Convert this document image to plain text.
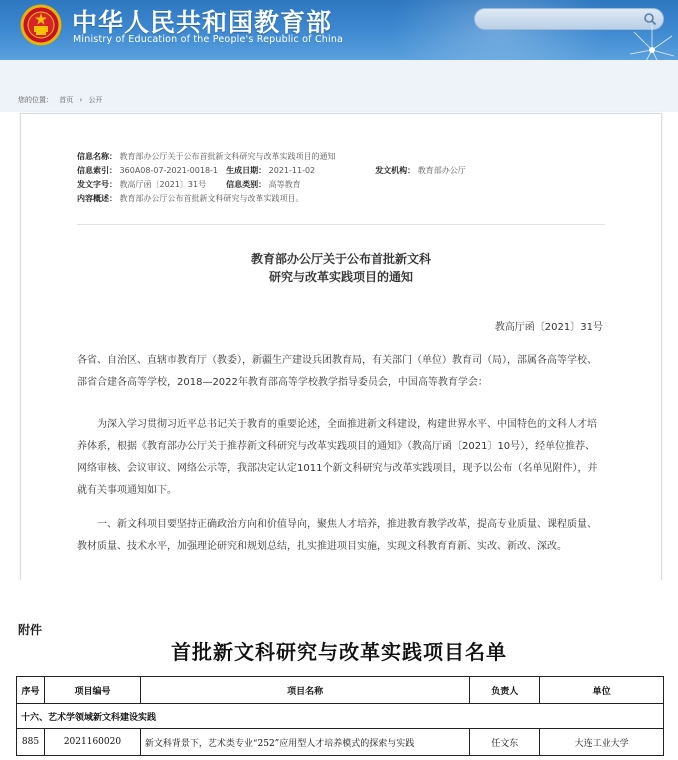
中华人民共和国教育部
Ministry of Education of the People's Republic of China
您的位置： 首页 › 公开
信息名称： 教育部办公厅关于公布首批新文科研究与改革实践项目的通知
信息索引： 360A08-07-2021-0018-1 生成日期： 2021-11-02	发文机构： 教育部办公厅
发文字号： 教高厅函〔2021〕31号	信息类别： 高等教育
内容概述： 教育部办公厅公布首批新文科研究与改革实践项目。
教育部办公厅关于公布首批新文科
研究与改革实践项目的通知
教高厅函〔2021〕31号
各省、自治区、直辖市教育厅（教委），新疆生产建设兵团教育局，有关部门（单位）教育司（局），部属各高等学校、部省合建各高等学校，2018—2022年教育部高等学校教学指导委员会，中国高等教育学会：
为深入学习贯彻习近平总书记关于教育的重要论述，全面推进新文科建设，构建世界水平、中国特色的文科人才培养体系，根据《教育部办公厅关于推荐新文科研究与改革实践项目的通知》（教高厅函〔2021〕10号），经单位推荐、网络审核、会议审议、网络公示等，我部决定认定1011个新文科研究与改革实践项目，现予以公布（名单见附件），并就有关事项通知如下。
一、新文科项目要坚持正确政治方向和价值导向，聚焦人才培养，推进教育教学改革，提高专业质量、课程质量、教材质量、技术水平，加强理论研究和规划总结，扎实推进项目实施，实现文科教育育新、实改、新改、深改。
附件
首批新文科研究与改革实践项目名单
序号	项目编号	项目名称	负责人	单位
十六、艺术学领域新文科建设实践				
885	2021160020	新文科背景下，艺术类专业“252”应用型人才培养模式的探索与实践	任文东	大连工业大学
